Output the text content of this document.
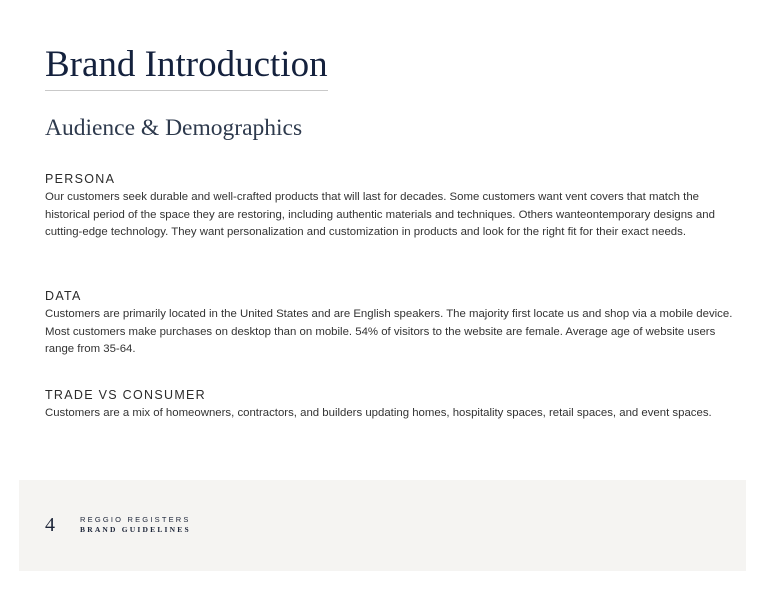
Brand Introduction
Audience & Demographics
PERSONA

Our customers seek durable and well-crafted products that will last for decades. Some customers want vent covers that match the historical period of the space they are restoring, including authentic materials and techniques. Others wanteontemporary designs and cutting-edge technology. They want personalization and customization in products and look for the right fit for their exact needs.

DATA

Customers are primarily located in the United States and are English speakers. The majority first locate us and shop via a mobile device. Most customers make purchases on desktop than on mobile. 54% of visitors to the website are female. Average age of website users range from 35-64.

TRADE VS CONSUMER

Customers are a mix of homeowners, contractors, and builders updating homes, hospitality spaces, retail spaces, and event spaces.

4	REGGIO REGISTERS
BRAND GUIDELINES
